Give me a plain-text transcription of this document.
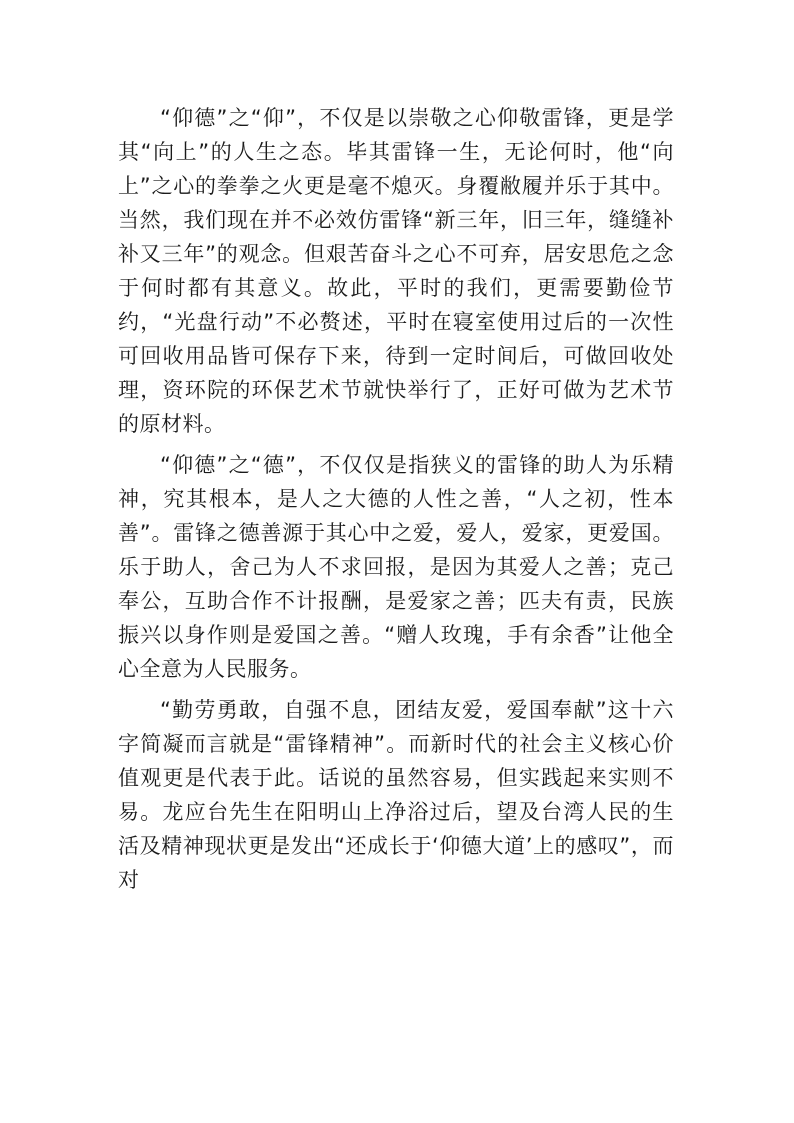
“仰德”之“仰”，不仅是以崇敬之心仰敬雷锋，更是学其“向上”的人生之态。毕其雷锋一生，无论何时，他“向上”之心的拳拳之火更是毫不熄灭。身覆敝履并乐于其中。当然，我们现在并不必效仿雷锋“新三年，旧三年，缝缝补补又三年”的观念。但艰苦奋斗之心不可弃，居安思危之念于何时都有其意义。故此，平时的我们，更需要勤俭节约，“光盘行动”不必赘述，平时在寝室使用过后的一次性可回收用品皆可保存下来，待到一定时间后，可做回收处理，资环院的环保艺术节就快举行了，正好可做为艺术节的原材料。

“仰德”之“德”，不仅仅是指狭义的雷锋的助人为乐精神，究其根本，是人之大德的人性之善，“人之初，性本善”。雷锋之德善源于其心中之爱，爱人，爱家，更爱国。乐于助人，舍己为人不求回报，是因为其爱人之善；克己奉公，互助合作不计报酬，是爱家之善；匹夫有责，民族振兴以身作则是爱国之善。“赠人玫瑰，手有余香”让他全心全意为人民服务。

“勤劳勇敢，自强不息，团结友爱，爱国奉献”这十六字简凝而言就是“雷锋精神”。而新时代的社会主义核心价值观更是代表于此。话说的虽然容易，但实践起来实则不易。龙应台先生在阳明山上净浴过后，望及台湾人民的生活及精神现状更是发出“还成长于‘仰德大道’上的感叹”，而对
